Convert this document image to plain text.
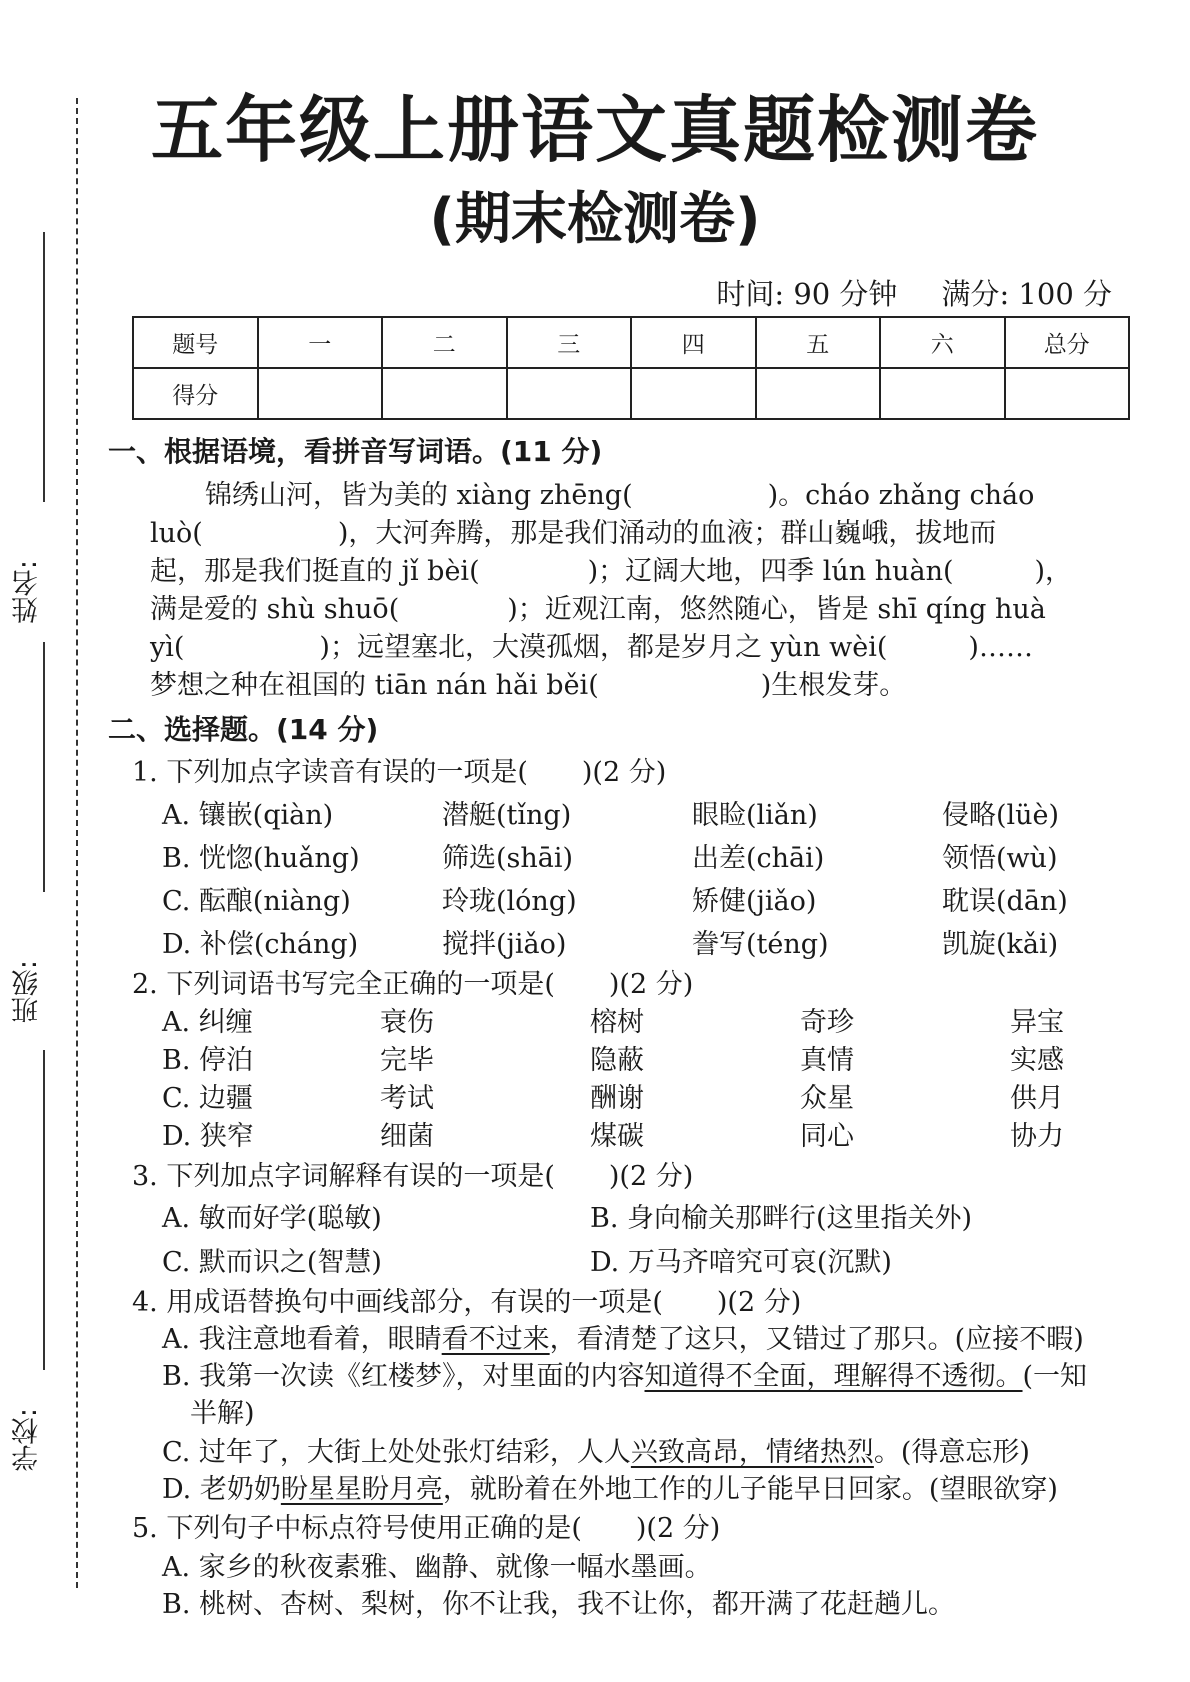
姓名:
班级:
学校:
五年级上册语文真题检测卷
(期末检测卷)
时间: 90 分钟 满分: 100 分
题号	一	二	三	四	五	六	总分
得分							
一、根据语境，看拼音写词语。(11 分)
锦绣山河，皆为美的 xiàng zhēng(　　　　　)。cháo zhǎng cháo
luò(　　　　　)，大河奔腾，那是我们涌动的血液；群山巍峨，拔地而
起，那是我们挺直的 jǐ bèi(　　　　)；辽阔大地，四季 lún huàn(　　　)，
满是爱的 shù shuō(　　　　)；近观江南，悠然随心，皆是 shī qíng huà
yì(　　　　　)；远望塞北，大漠孤烟，都是岁月之 yùn wèi(　　　)……
梦想之种在祖国的 tiān nán hǎi běi(　　　　　　)生根发芽。
二、选择题。(14 分)
1. 下列加点字读音有误的一项是(　　)(2 分)
A. 镶嵌(qiàn)	潜艇(tǐng)	眼睑(liǎn)	侵略(lüè)
B. 恍惚(huǎng)	筛选(shāi)	出差(chāi)	领悟(wù)
C. 酝酿(niàng)	玲珑(lóng)	矫健(jiǎo)	耽误(dān)
D. 补偿(cháng)	搅拌(jiǎo)	誊写(téng)	凯旋(kǎi)
2. 下列词语书写完全正确的一项是(　　)(2 分)
A. 纠缠	衰伤	榕树	奇珍	异宝
B. 停泊	完毕	隐蔽	真情	实感
C. 边疆	考试	酬谢	众星	供月
D. 狭窄	细菌	煤碳	同心	协力
3. 下列加点字词解释有误的一项是(　　)(2 分)
A. 敏而好学(聪敏)	B. 身向榆关那畔行(这里指关外)
C. 默而识之(智慧)	D. 万马齐喑究可哀(沉默)
4. 用成语替换句中画线部分，有误的一项是(　　)(2 分)
A. 我注意地看着，眼睛看不过来，看清楚了这只，又错过了那只。(应接不暇)
B. 我第一次读《红楼梦》，对里面的内容知道得不全面，理解得不透彻。(一知
半解)
C. 过年了，大街上处处张灯结彩，人人兴致高昂，情绪热烈。(得意忘形)
D. 老奶奶盼星星盼月亮，就盼着在外地工作的儿子能早日回家。(望眼欲穿)
5. 下列句子中标点符号使用正确的是(　　)(2 分)
A. 家乡的秋夜素雅、幽静、就像一幅水墨画。
B. 桃树、杏树、梨树，你不让我，我不让你，都开满了花赶趟儿。
